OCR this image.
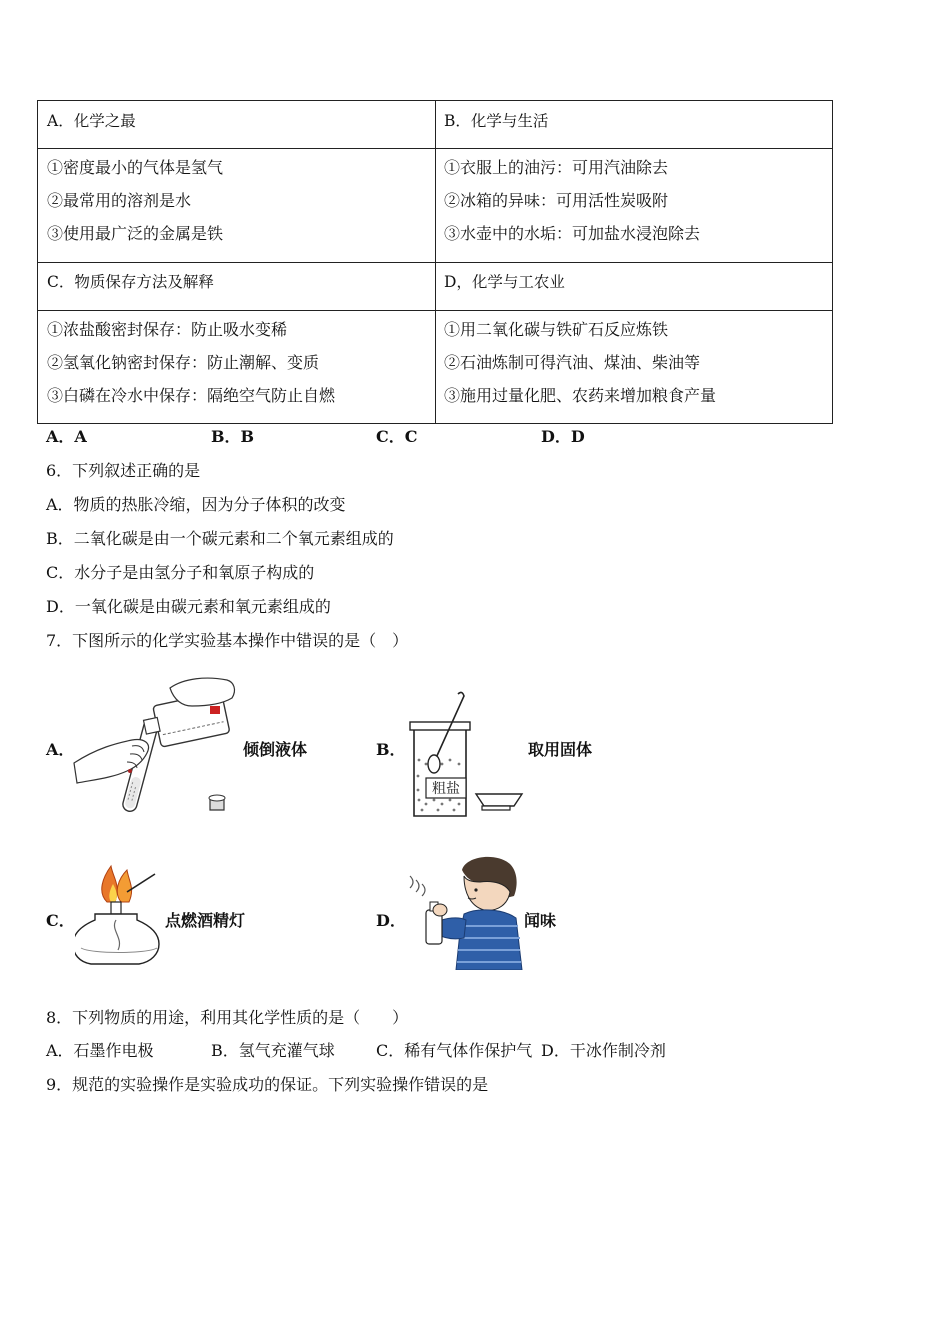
A．化学之最	B．化学与生活
①密度最小的气体是氢气
②最常用的溶剂是水
③使用最广泛的金属是铁
①衣服上的油污：可用汽油除去
②冰箱的异味：可用活性炭吸附
③水壶中的水垢：可加盐水浸泡除去
C．物质保存方法及解释	D，化学与工农业
①浓盐酸密封保存：防止吸水变稀
②氢氧化钠密封保存：防止潮解、变质
③白磷在冷水中保存：隔绝空气防止自燃
①用二氧化碳与铁矿石反应炼铁
②石油炼制可得汽油、煤油、柴油等
③施用过量化肥、农药来增加粮食产量
A．A	B．B	C．C	D．D
6．下列叙述正确的是
A．物质的热胀冷缩，因为分子体积的改变
B．二氧化碳是由一个碳元素和二个氧元素组成的
C．水分子是由氢分子和氧原子构成的
D．一氧化碳是由碳元素和氧元素组成的
7．下图所示的化学实验基本操作中错误的是（　）
A．	倾倒液体	B．
粗盐
取用固体
C．	点燃酒精灯	D．	闻味
8．下列物质的用途，利用其化学性质的是（　　）
A．石墨作电极	B．氢气充灌气球	C．稀有气体作保护气 D．干冰作制冷剂
9．规范的实验操作是实验成功的保证。下列实验操作错误的是
